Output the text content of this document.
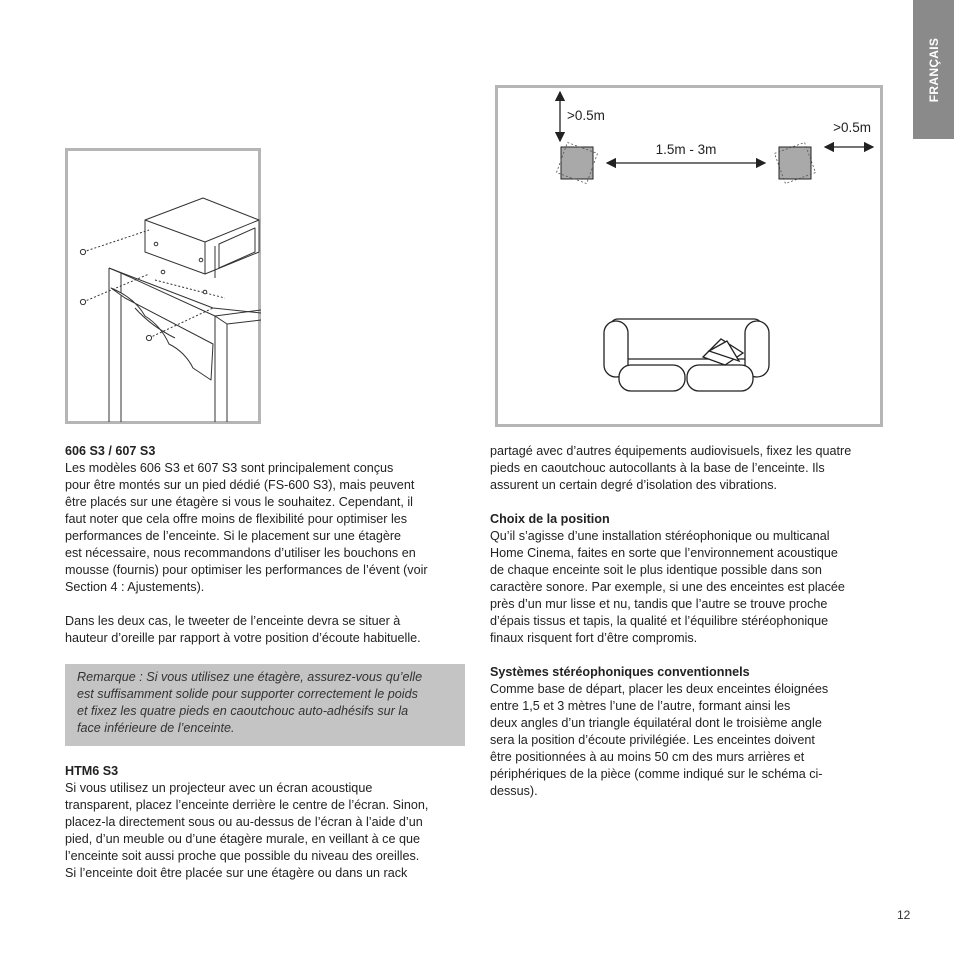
FRANÇAIS
>0.5m
1.5m - 3m
>0.5m
606 S3 / 607 S3

Les modèles 606 S3 et 607 S3 sont principalement conçus
pour être montés sur un pied dédié (FS-600 S3), mais peuvent
être placés sur une étagère si vous le souhaitez. Cependant, il
faut noter que cela offre moins de flexibilité pour optimiser les
performances de l’enceinte. Si le placement sur une étagère
est nécessaire, nous recommandons d’utiliser les bouchons en
mousse (fournis) pour optimiser les performances de l’évent (voir
Section 4 : Ajustements).

Dans les deux cas, le tweeter de l’enceinte devra se situer à
hauteur d’oreille par rapport à votre position d’écoute habituelle.

Remarque : Si vous utilisez une étagère, assurez-vous qu’elle
est suffisamment solide pour supporter correctement le poids
et fixez les quatre pieds en caoutchouc auto-adhésifs sur la
face inférieure de l’enceinte.

HTM6 S3

Si vous utilisez un projecteur avec un écran acoustique
transparent, placez l’enceinte derrière le centre de l’écran. Sinon,
placez-la directement sous ou au-dessus de l’écran à l’aide d’un
pied, d’un meuble ou d’une étagère murale, en veillant à ce que
l’enceinte soit aussi proche que possible du niveau des oreilles.
Si l’enceinte doit être placée sur une étagère ou dans un rack

partagé avec d’autres équipements audiovisuels, fixez les quatre
pieds en caoutchouc autocollants à la base de l’enceinte. Ils
assurent un certain degré d’isolation des vibrations.

Choix de la position

Qu’il s’agisse d’une installation stéréophonique ou multicanal
Home Cinema, faites en sorte que l’environnement acoustique
de chaque enceinte soit le plus identique possible dans son
caractère sonore. Par exemple, si une des enceintes est placée
près d’un mur lisse et nu, tandis que l’autre se trouve proche
d’épais tissus et tapis, la qualité et l’équilibre stéréophonique
finaux risquent fort d’être compromis.

Systèmes stéréophoniques conventionnels

Comme base de départ, placer les deux enceintes éloignées
entre 1,5 et 3 mètres l’une de l’autre, formant ainsi les
deux angles d’un triangle équilatéral dont le troisième angle
sera la position d’écoute privilégiée. Les enceintes doivent
être positionnées à au moins 50 cm des murs arrières et
périphériques de la pièce (comme indiqué sur le schéma ci-
dessus).

12
